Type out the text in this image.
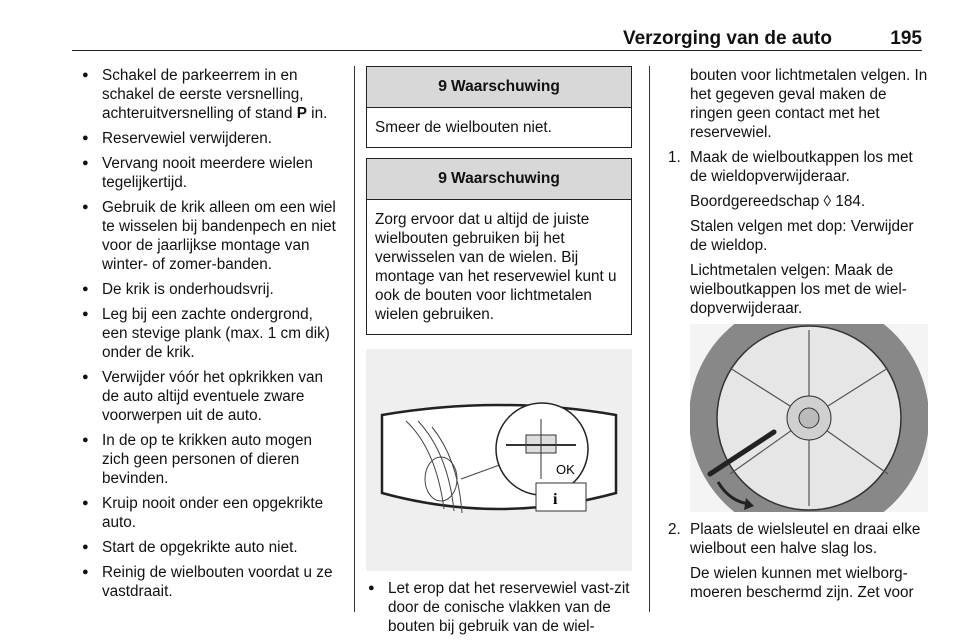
Verzorging van de auto	195
● Schakel de parkeerrem in en schakel de eerste versnelling, achteruitversnelling of stand P in.
● Reservewiel verwijderen.
● Vervang nooit meerdere wielen tegelijkertijd.
● Gebruik de krik alleen om een wiel te wisselen bij bandenpech en niet voor de jaarlijkse montage van winter- of zomer-banden.
● De krik is onderhoudsvrij.
● Leg bij een zachte ondergrond, een stevige plank (max. 1 cm dik) onder de krik.
● Verwijder vóór het opkrikken van de auto altijd eventuele zware voorwerpen uit de auto.
● In de op te krikken auto mogen zich geen personen of dieren bevinden.
● Kruip nooit onder een opgekrikte auto.
● Start de opgekrikte auto niet.
● Reinig de wielbouten voordat u ze vastdraait.
9 Waarschuwing
Smeer de wielbouten niet.
9 Waarschuwing
Zorg ervoor dat u altijd de juiste wielbouten gebruiken bij het verwisselen van de wielen. Bij montage van het reservewiel kunt u ook de bouten voor lichtmetalen wielen gebruiken.
OK
i
● Let erop dat het reservewiel vast-zit door de conische vlakken van de bouten bij gebruik van de wiel-
bouten voor lichtmetalen velgen. In het gegeven geval maken de ringen geen contact met het reservewiel.
1. Maak de wielboutkappen los met de wieldopverwijderaar.
Boordgereedschap ◊ 184.
Stalen velgen met dop: Verwijder de wieldop.
Lichtmetalen velgen: Maak de wielboutkappen los met de wiel-dopverwijderaar.
2. Plaats de wielsleutel en draai elke wielbout een halve slag los.
De wielen kunnen met wielborg-moeren beschermd zijn. Zet voor
